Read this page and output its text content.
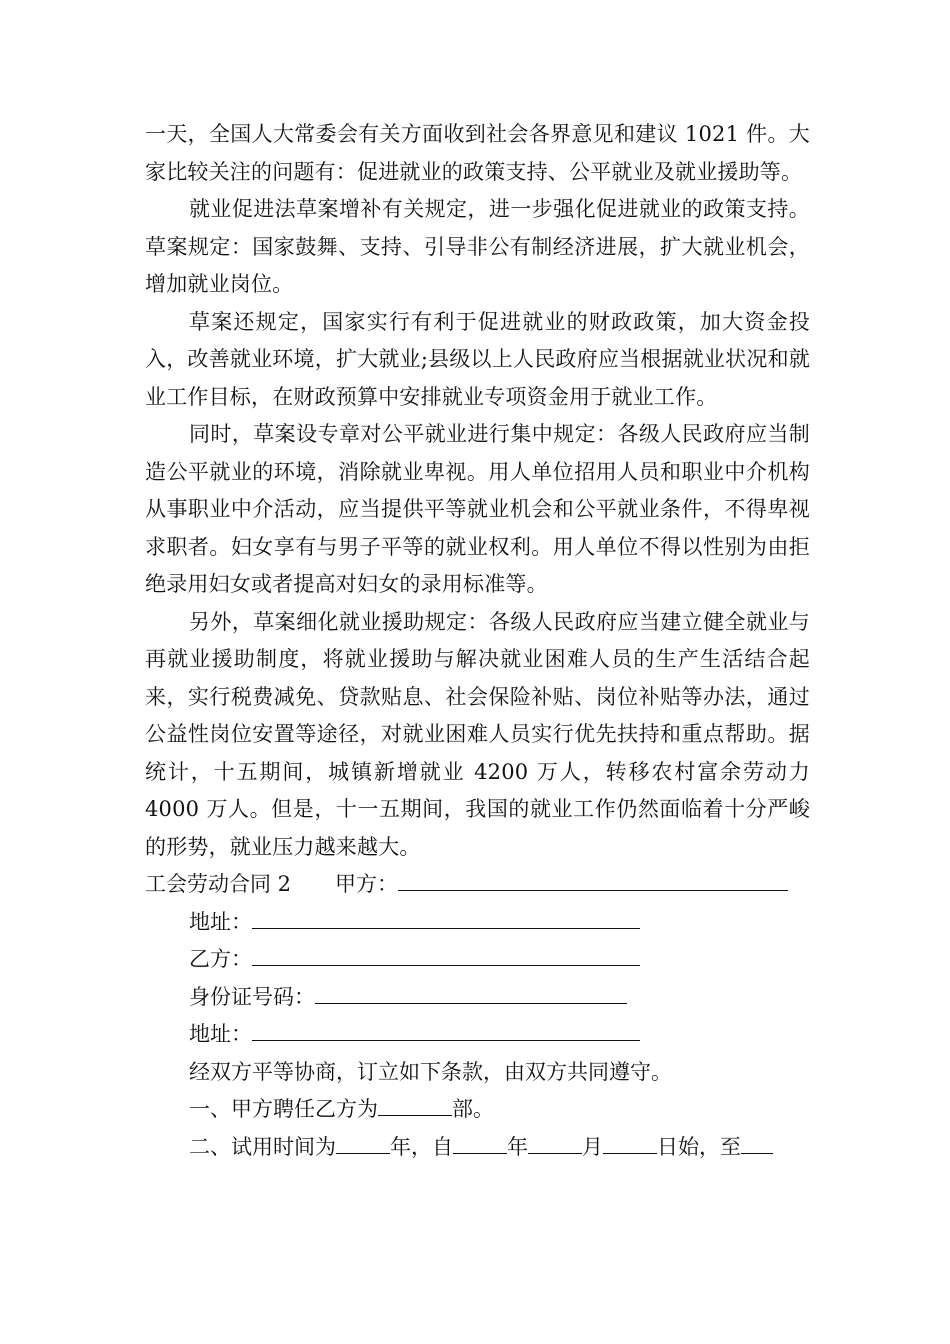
一天，全国人大常委会有关方面收到社会各界意见和建议 1021 件。大家比较关注的问题有：促进就业的政策支持、公平就业及就业援助等。

就业促进法草案增补有关规定，进一步强化促进就业的政策支持。草案规定：国家鼓舞、支持、引导非公有制经济进展，扩大就业机会，增加就业岗位。

草案还规定，国家实行有利于促进就业的财政政策，加大资金投入，改善就业环境，扩大就业;县级以上人民政府应当根据就业状况和就业工作目标，在财政预算中安排就业专项资金用于就业工作。

同时，草案设专章对公平就业进行集中规定：各级人民政府应当制造公平就业的环境，消除就业卑视。用人单位招用人员和职业中介机构从事职业中介活动，应当提供平等就业机会和公平就业条件，不得卑视求职者。妇女享有与男子平等的就业权利。用人单位不得以性别为由拒绝录用妇女或者提高对妇女的录用标准等。

另外，草案细化就业援助规定：各级人民政府应当建立健全就业与再就业援助制度，将就业援助与解决就业困难人员的生产生活结合起来，实行税费减免、贷款贴息、社会保险补贴、岗位补贴等办法，通过公益性岗位安置等途径，对就业困难人员实行优先扶持和重点帮助。据统计，十五期间，城镇新增就业 4200 万人，转移农村富余劳动力 4000 万人。但是，十一五期间，我国的就业工作仍然面临着十分严峻的形势，就业压力越来越大。

工会劳动合同 2 甲方：

地址：

乙方：

身份证号码：

地址：

经双方平等协商，订立如下条款，由双方共同遵守。

一、甲方聘任乙方为	部。

二、试用时间为	年，自	年	月	日始，至
